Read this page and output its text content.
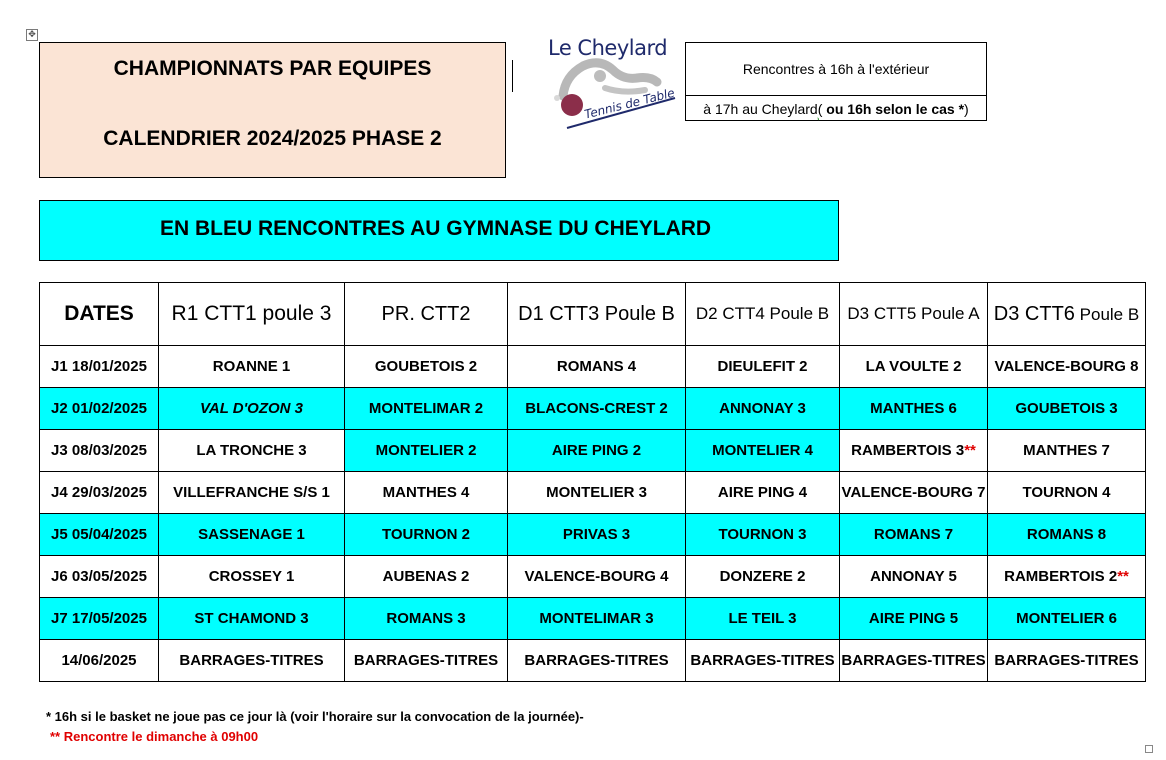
✥
CHAMPIONNATS PAR EQUIPES
CALENDRIER 2024/2025 PHASE 2
Le Cheylard
Tennis de Table
Rencontres à 16h à l'extérieur
à 17h au Cheylard( ou 16h selon le cas *)
EN BLEU RENCONTRES AU GYMNASE DU CHEYLARD
DATES	R1 CTT1 poule 3	PR. CTT2	D1 CTT3 Poule B	D2 CTT4 Poule B	D3 CTT5 Poule A	D3 CTT6 Poule B
J1 18/01/2025	ROANNE 1	GOUBETOIS 2	ROMANS 4	DIEULEFIT 2	LA VOULTE 2	VALENCE-BOURG 8
J2 01/02/2025	VAL D'OZON 3	MONTELIMAR 2	BLACONS-CREST 2	ANNONAY 3	MANTHES 6	GOUBETOIS 3
J3 08/03/2025	LA TRONCHE 3	MONTELIER 2	AIRE PING 2	MONTELIER 4	RAMBERTOIS 3**	MANTHES 7
J4 29/03/2025	VILLEFRANCHE S/S 1	MANTHES 4	MONTELIER 3	AIRE PING 4	VALENCE-BOURG 7	TOURNON 4
J5 05/04/2025	SASSENAGE 1	TOURNON 2	PRIVAS 3	TOURNON 3	ROMANS 7	ROMANS 8
J6 03/05/2025	CROSSEY 1	AUBENAS 2	VALENCE-BOURG 4	DONZERE 2	ANNONAY 5	RAMBERTOIS 2**
J7 17/05/2025	ST CHAMOND 3	ROMANS 3	MONTELIMAR 3	LE TEIL 3	AIRE PING 5	MONTELIER 6
14/06/2025	BARRAGES-TITRES	BARRAGES-TITRES	BARRAGES-TITRES	BARRAGES-TITRES	BARRAGES-TITRES	BARRAGES-TITRES
* 16h si le basket ne joue pas ce jour là (voir l'horaire sur la convocation de la journée)-
** Rencontre le dimanche à 09h00
